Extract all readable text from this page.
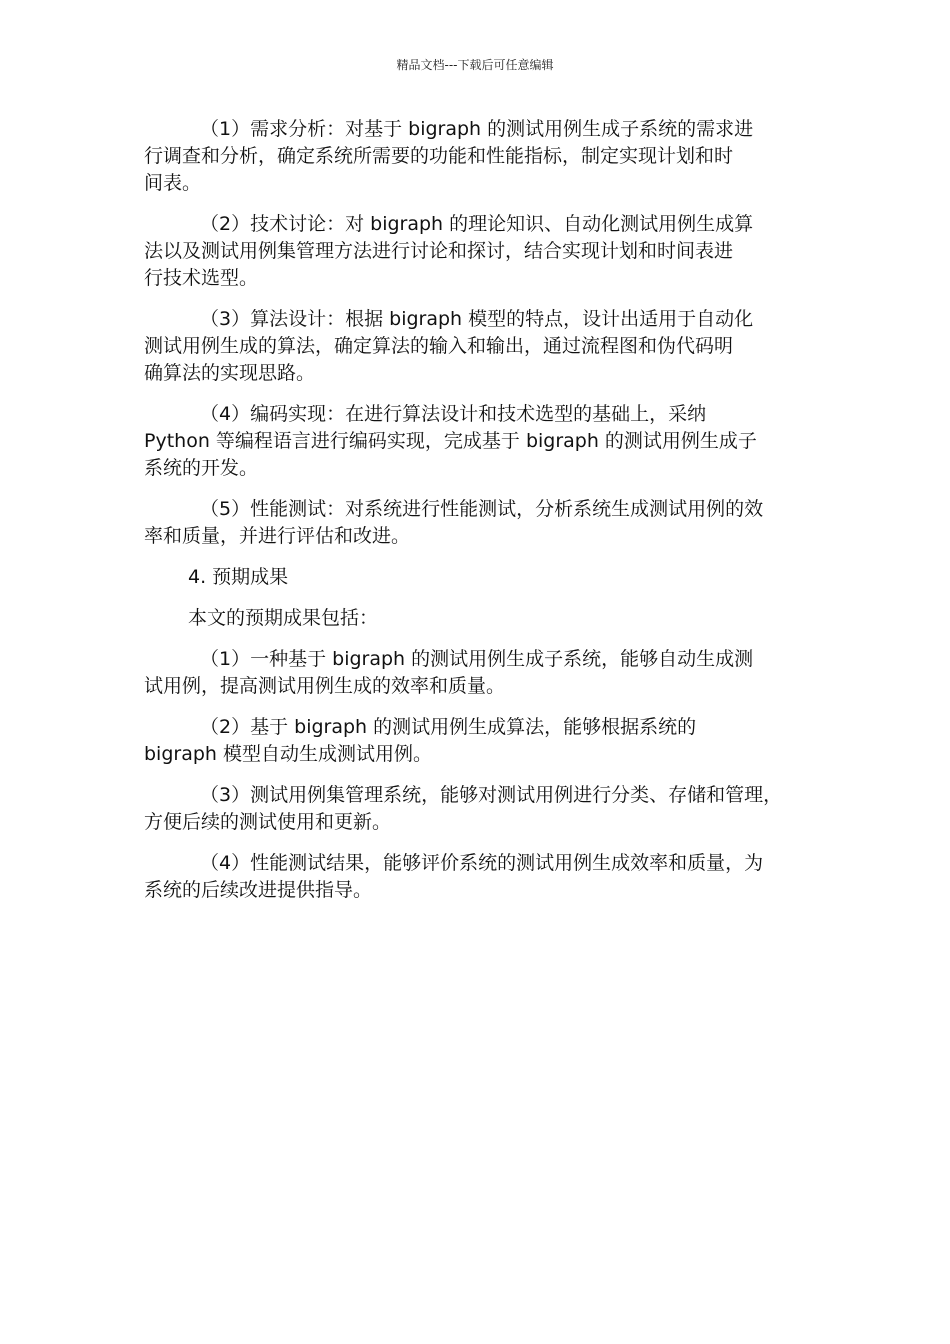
精品文档---下载后可任意编辑
（1）需求分析：对基于 bigraph 的测试用例生成子系统的需求进
行调查和分析，确定系统所需要的功能和性能指标，制定实现计划和时
间表。
（2）技术讨论：对 bigraph 的理论知识、自动化测试用例生成算
法以及测试用例集管理方法进行讨论和探讨，结合实现计划和时间表进
行技术选型。
（3）算法设计：根据 bigraph 模型的特点，设计出适用于自动化
测试用例生成的算法，确定算法的输入和输出，通过流程图和伪代码明
确算法的实现思路。
（4）编码实现：在进行算法设计和技术选型的基础上，采纳
Python 等编程语言进行编码实现，完成基于 bigraph 的测试用例生成子
系统的开发。
（5）性能测试：对系统进行性能测试，分析系统生成测试用例的效
率和质量，并进行评估和改进。
4. 预期成果
本文的预期成果包括：
（1）一种基于 bigraph 的测试用例生成子系统，能够自动生成测
试用例，提高测试用例生成的效率和质量。
（2）基于 bigraph 的测试用例生成算法，能够根据系统的
bigraph 模型自动生成测试用例。
（3）测试用例集管理系统，能够对测试用例进行分类、存储和管理，
方便后续的测试使用和更新。
（4）性能测试结果，能够评价系统的测试用例生成效率和质量，为
系统的后续改进提供指导。
